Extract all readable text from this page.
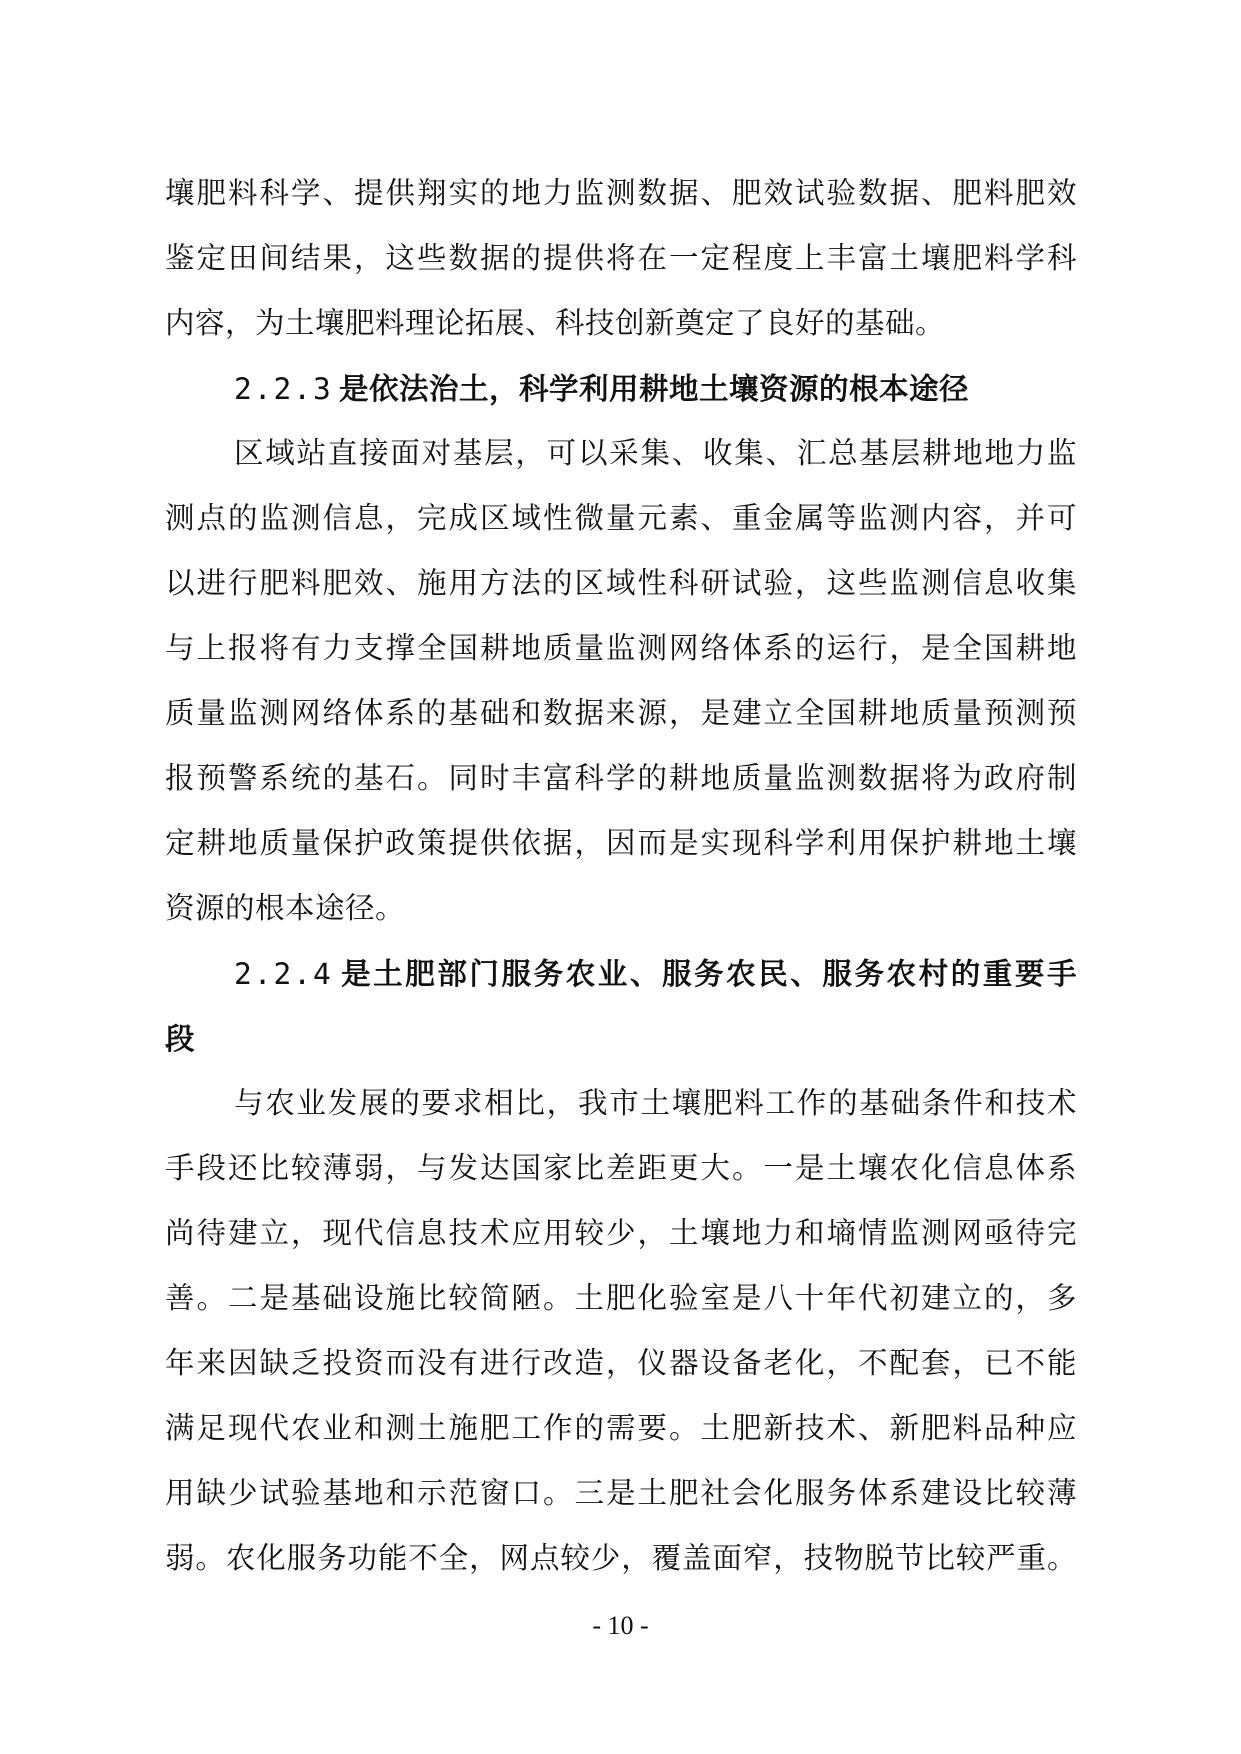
壤肥料科学、提供翔实的地力监测数据、肥效试验数据、肥料肥效
鉴定田间结果，这些数据的提供将在一定程度上丰富土壤肥料学科
内容，为土壤肥料理论拓展、科技创新奠定了良好的基础。
2.2.3 是依法治土，科学利用耕地土壤资源的根本途径
区域站直接面对基层，可以采集、收集、汇总基层耕地地力监
测点的监测信息，完成区域性微量元素、重金属等监测内容，并可
以进行肥料肥效、施用方法的区域性科研试验，这些监测信息收集
与上报将有力支撑全国耕地质量监测网络体系的运行，是全国耕地
质量监测网络体系的基础和数据来源，是建立全国耕地质量预测预
报预警系统的基石。同时丰富科学的耕地质量监测数据将为政府制
定耕地质量保护政策提供依据，因而是实现科学利用保护耕地土壤
资源的根本途径。
2.2.4 是土肥部门服务农业、服务农民、服务农村的重要手
段
与农业发展的要求相比，我市土壤肥料工作的基础条件和技术
手段还比较薄弱，与发达国家比差距更大。一是土壤农化信息体系
尚待建立，现代信息技术应用较少，土壤地力和墒情监测网亟待完
善。二是基础设施比较简陋。土肥化验室是八十年代初建立的，多
年来因缺乏投资而没有进行改造，仪器设备老化，不配套，已不能
满足现代农业和测土施肥工作的需要。土肥新技术、新肥料品种应
用缺少试验基地和示范窗口。三是土肥社会化服务体系建设比较薄
弱。农化服务功能不全，网点较少，覆盖面窄，技物脱节比较严重。
- 10 -
